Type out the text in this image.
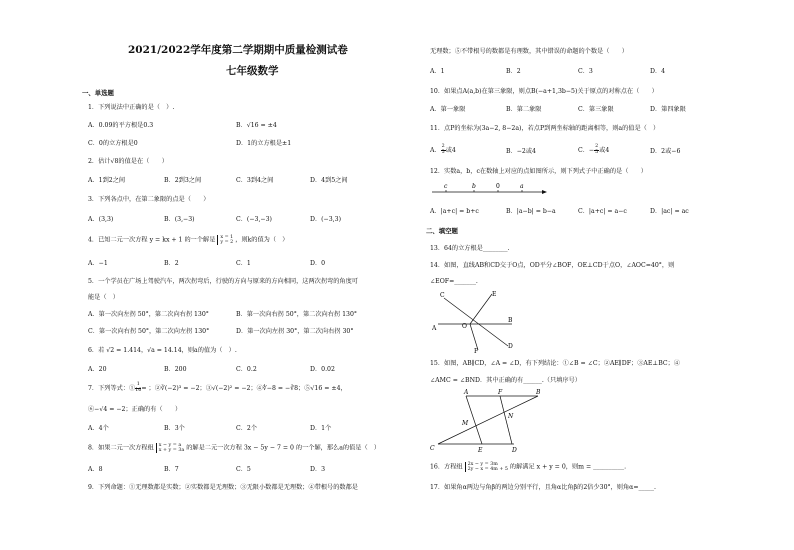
2021/2022学年度第二学期期中质量检测试卷
七年级数学
一、单选题
1．下列说法中正确的是（　）.
A．0.09的平方根是0.3	B．√16 = ±4
C．0的立方根是0	D．1的立方根是±1
2．估计√8的值是在（　　）
A．1到2之间	B．2到3之间	C．3到4之间	D．4到5之间
3．下列各点中，在第二象限的点是（　　）
A．(3,3)	B．(3,−3)	C．(−3,−3)	D．(−3,3)
4．已知二元一次方程 y = kx + 1 的一个解是 x = 1
y = 2 ，则k的值为（　）
A．−1	B．2	C．1	D．0
5．一个学员在广场上驾驶汽车，两次拐弯后，行驶的方向与原来的方向相同，这两次拐弯的角度可
能是（　）
A．第一次向左拐 50°，第二次向右拐 130°	B．第一次向右拐 50°，第二次向右拐 130°
C．第一次向右拐 50°，第二次向左拐 130°	D．第一次向左拐 30°，第二次向右拐 30°
6．若 √2 = 1.414，√a = 14.14，则a的值为（　）.
A．20	B．200	C．0.2	D．0.02
7．下列等式：① $\frac{1}{16}$ = ；②∛(−2)³ = −2；③√(−2)² = −2；④∜−8 = −∛8；⑤√16 = ±4，
⑥−√4 = −2；正确的有（　　）
A．4个	B．3个	C．2个	D．1个
8．如果二元一次方程组 x − y = a
x + y = 3a 的解是二元一次方程 3x − 5y − 7 = 0 的一个解，那么a的值是（　）
A．8	B．7	C．5	D．3
9．下列命题：①无理数都是实数；②实数都是无理数；③无限小数都是无理数；④带根号的数都是
无理数；⑤不带根号的数都是有理数，其中错误的命题的个数是（　　）
A．1	B．2	C．3	D．4
10．如果点A(a,b)在第三象限，则点B(−a+1,3b−5)关于原点的对称点在（　　）
A．第一象限	B．第二象限	C．第三象限	D．第四象限
11．点P的坐标为(3a−2, 8−2a)，若点P到两坐标轴的距离相等，则a的值是（　）
A． $\frac{2}{5}$ 或4	B．−2或4	C．− $\frac{2}{5}$ 或4	D．2或−6
12．实数a，b，c在数轴上对应的点如图所示，则下列式子中正确的是（　　）
c	b	0	a
A．|a+c| = b+c	B．|a−b| = b−a	C．|a+c| = a−c	D．|ac| = ac
二、填空题
13．64的立方根是________.
14．如图，直线AB和CD交于O点，OD平分∠BOF，OE⊥CD于点O，∠AOC=40°，则
∠EOF=_______.
C	E
A	O
B
F
D
15．如图，AB∥CD，∠A = ∠D，有下列结论：①∠B = ∠C；②AE∥DF；③AE⊥BC；④
∠AMC = ∠BND．其中正确的有______.（只填序号）
A	B
M
N
C	E	D
F
16．方程组 2x − y = 3m
2y − x = 4m + 5 的解满足 x + y = 0，则m = __________.
17．如果角α两边与角β的两边分别平行，且角α比角β的2倍少30°，则角α=_____.
